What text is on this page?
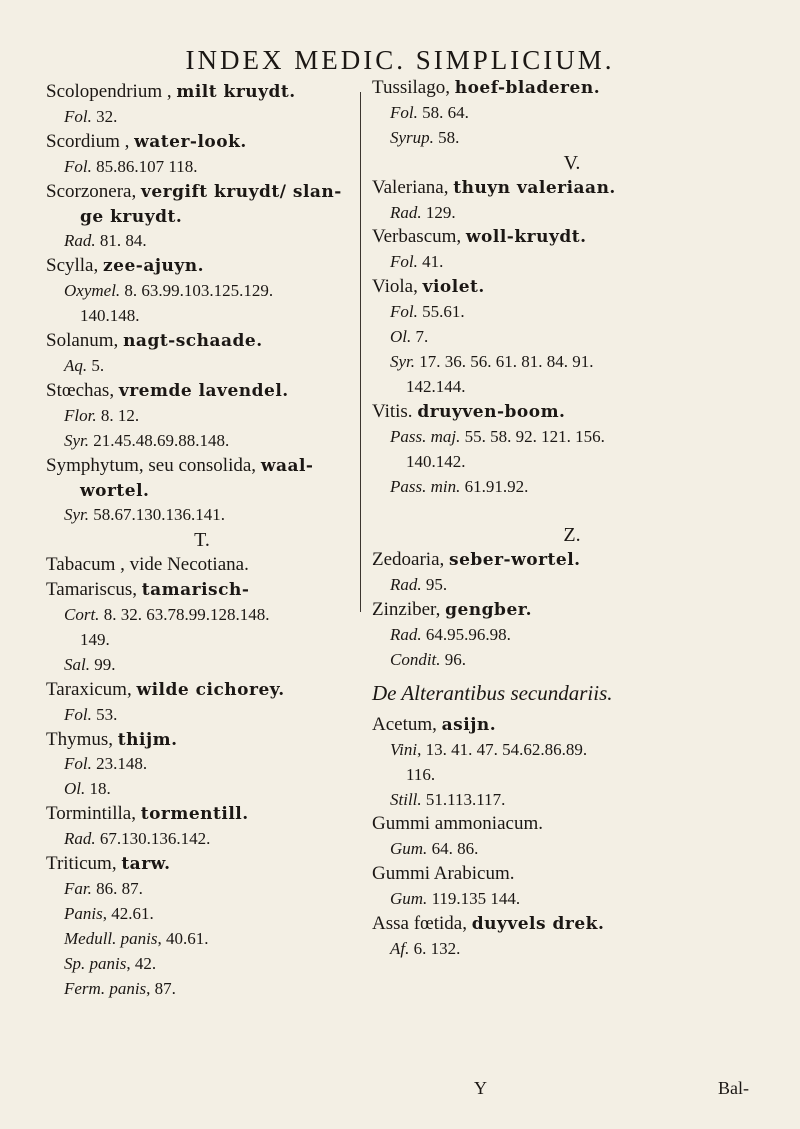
INDEX MEDIC. SIMPLICIUM.
Scolopendrium , milt kruydt.
Fol. 32.
Scordium , water-look.
Fol. 85.86.107 118.
Scorzonera, vergift kruydt/ slan-
ge kruydt.
Rad. 81. 84.
Scylla, zee-ajuyn.
Oxymel. 8. 63.99.103.125.129.
140.148.
Solanum, nagt-schaade.
Aq. 5.
Stœchas, vremde lavendel.
Flor. 8. 12.
Syr. 21.45.48.69.88.148.
Symphytum, seu consolida, waal-
wortel.
Syr. 58.67.130.136.141.
T.
Tabacum , vide Necotiana.
Tamariscus, tamarisch-
Cort. 8. 32. 63.78.99.128.148.
149.
Sal. 99.
Taraxicum, wilde cichorey.
Fol. 53.
Thymus, thijm.
Fol. 23.148.
Ol. 18.
Tormintilla, tormentill.
Rad. 67.130.136.142.
Triticum, tarw.
Far. 86. 87.
Panis, 42.61.
Medull. panis, 40.61.
Sp. panis, 42.
Ferm. panis, 87.
Tussilago, hoef-bladeren.
Fol. 58. 64.
Syrup. 58.
V.
Valeriana, thuyn valeriaan.
Rad. 129.
Verbascum, woll-kruydt.
Fol. 41.
Viola, violet.
Fol. 55.61.
Ol. 7.
Syr. 17. 36. 56. 61. 81. 84. 91.
142.144.
Vitis. druyven-boom.
Pass. maj. 55. 58. 92. 121. 156.
140.142.
Pass. min. 61.91.92.
Z.
Zedoaria, seber-wortel.
Rad. 95.
Zinziber, gengber.
Rad. 64.95.96.98.
Condit. 96.
De Alterantibus secundariis.
Acetum, asijn.
Vini, 13. 41. 47. 54.62.86.89.
116.
Still. 51.113.117.
Gummi ammoniacum.
Gum. 64. 86.
Gummi Arabicum.
Gum. 119.135 144.
Assa fœtida, duyvels drek.
Af. 6. 132.
Y	Bal-
